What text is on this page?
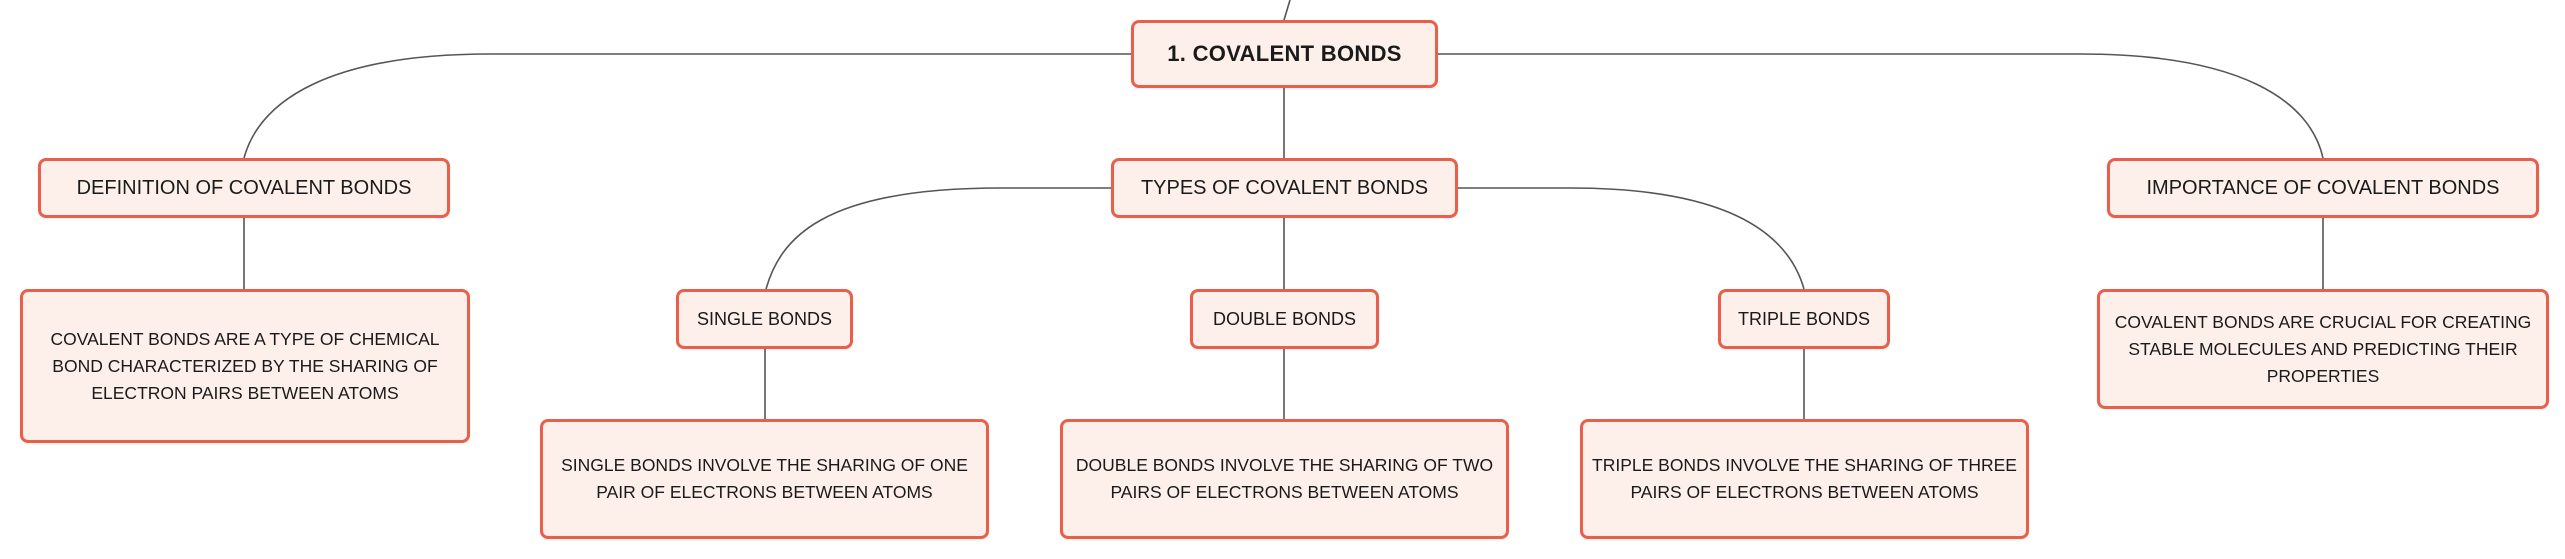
1. COVALENT BONDS
DEFINITION OF COVALENT BONDS	TYPES OF COVALENT BONDS	IMPORTANCE OF COVALENT BONDS
COVALENT BONDS ARE A TYPE OF CHEMICAL BOND CHARACTERIZED BY THE SHARING OF ELECTRON PAIRS BETWEEN ATOMS
SINGLE BONDS	DOUBLE BONDS	TRIPLE BONDS	COVALENT BONDS ARE CRUCIAL FOR CREATING STABLE MOLECULES AND PREDICTING THEIR PROPERTIES
SINGLE BONDS INVOLVE THE SHARING OF ONE PAIR OF ELECTRONS BETWEEN ATOMS
DOUBLE BONDS INVOLVE THE SHARING OF TWO PAIRS OF ELECTRONS BETWEEN ATOMS
TRIPLE BONDS INVOLVE THE SHARING OF THREE PAIRS OF ELECTRONS BETWEEN ATOMS
